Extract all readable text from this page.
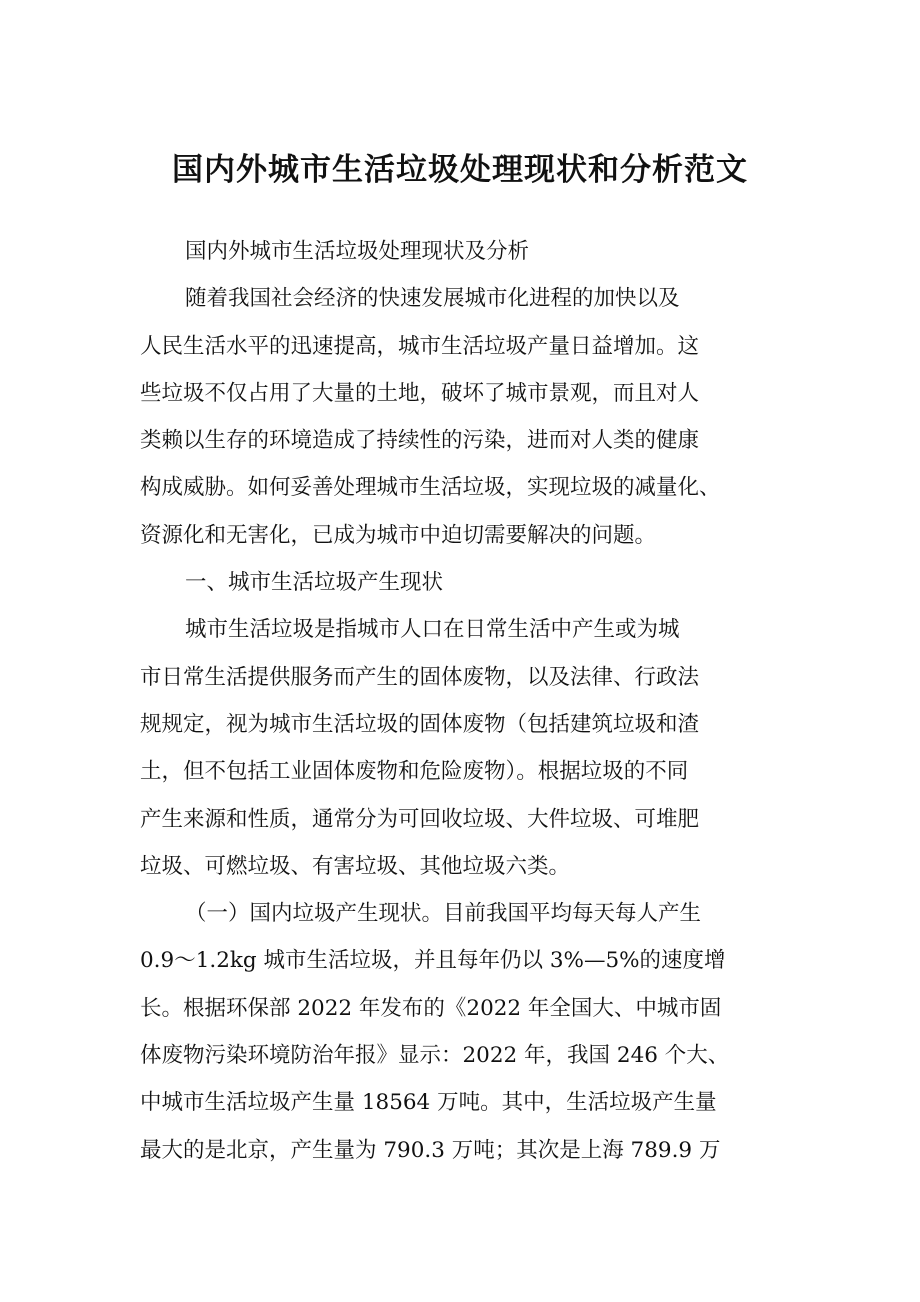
国内外城市生活垃圾处理现状和分析范文

国内外城市生活垃圾处理现状及分析

随着我国社会经济的快速发展城市化进程的加快以及
人民生活水平的迅速提高，城市生活垃圾产量日益增加。这
些垃圾不仅占用了大量的土地，破坏了城市景观，而且对人
类赖以生存的环境造成了持续性的污染，进而对人类的健康
构成威胁。如何妥善处理城市生活垃圾，实现垃圾的减量化、
资源化和无害化，已成为城市中迫切需要解决的问题。

一、城市生活垃圾产生现状

城市生活垃圾是指城市人口在日常生活中产生或为城
市日常生活提供服务而产生的固体废物，以及法律、行政法
规规定，视为城市生活垃圾的固体废物（包括建筑垃圾和渣
土，但不包括工业固体废物和危险废物）。根据垃圾的不同
产生来源和性质，通常分为可回收垃圾、大件垃圾、可堆肥
垃圾、可燃垃圾、有害垃圾、其他垃圾六类。

（一）国内垃圾产生现状。目前我国平均每天每人产生
0.9～1.2kg 城市生活垃圾，并且每年仍以 3%—5%的速度增
长。根据环保部 2022 年发布的《2022 年全国大、中城市固
体废物污染环境防治年报》显示：2022 年，我国 246 个大、
中城市生活垃圾产生量 18564 万吨。其中，生活垃圾产生量
最大的是北京，产生量为 790.3 万吨；其次是上海 789.9 万
